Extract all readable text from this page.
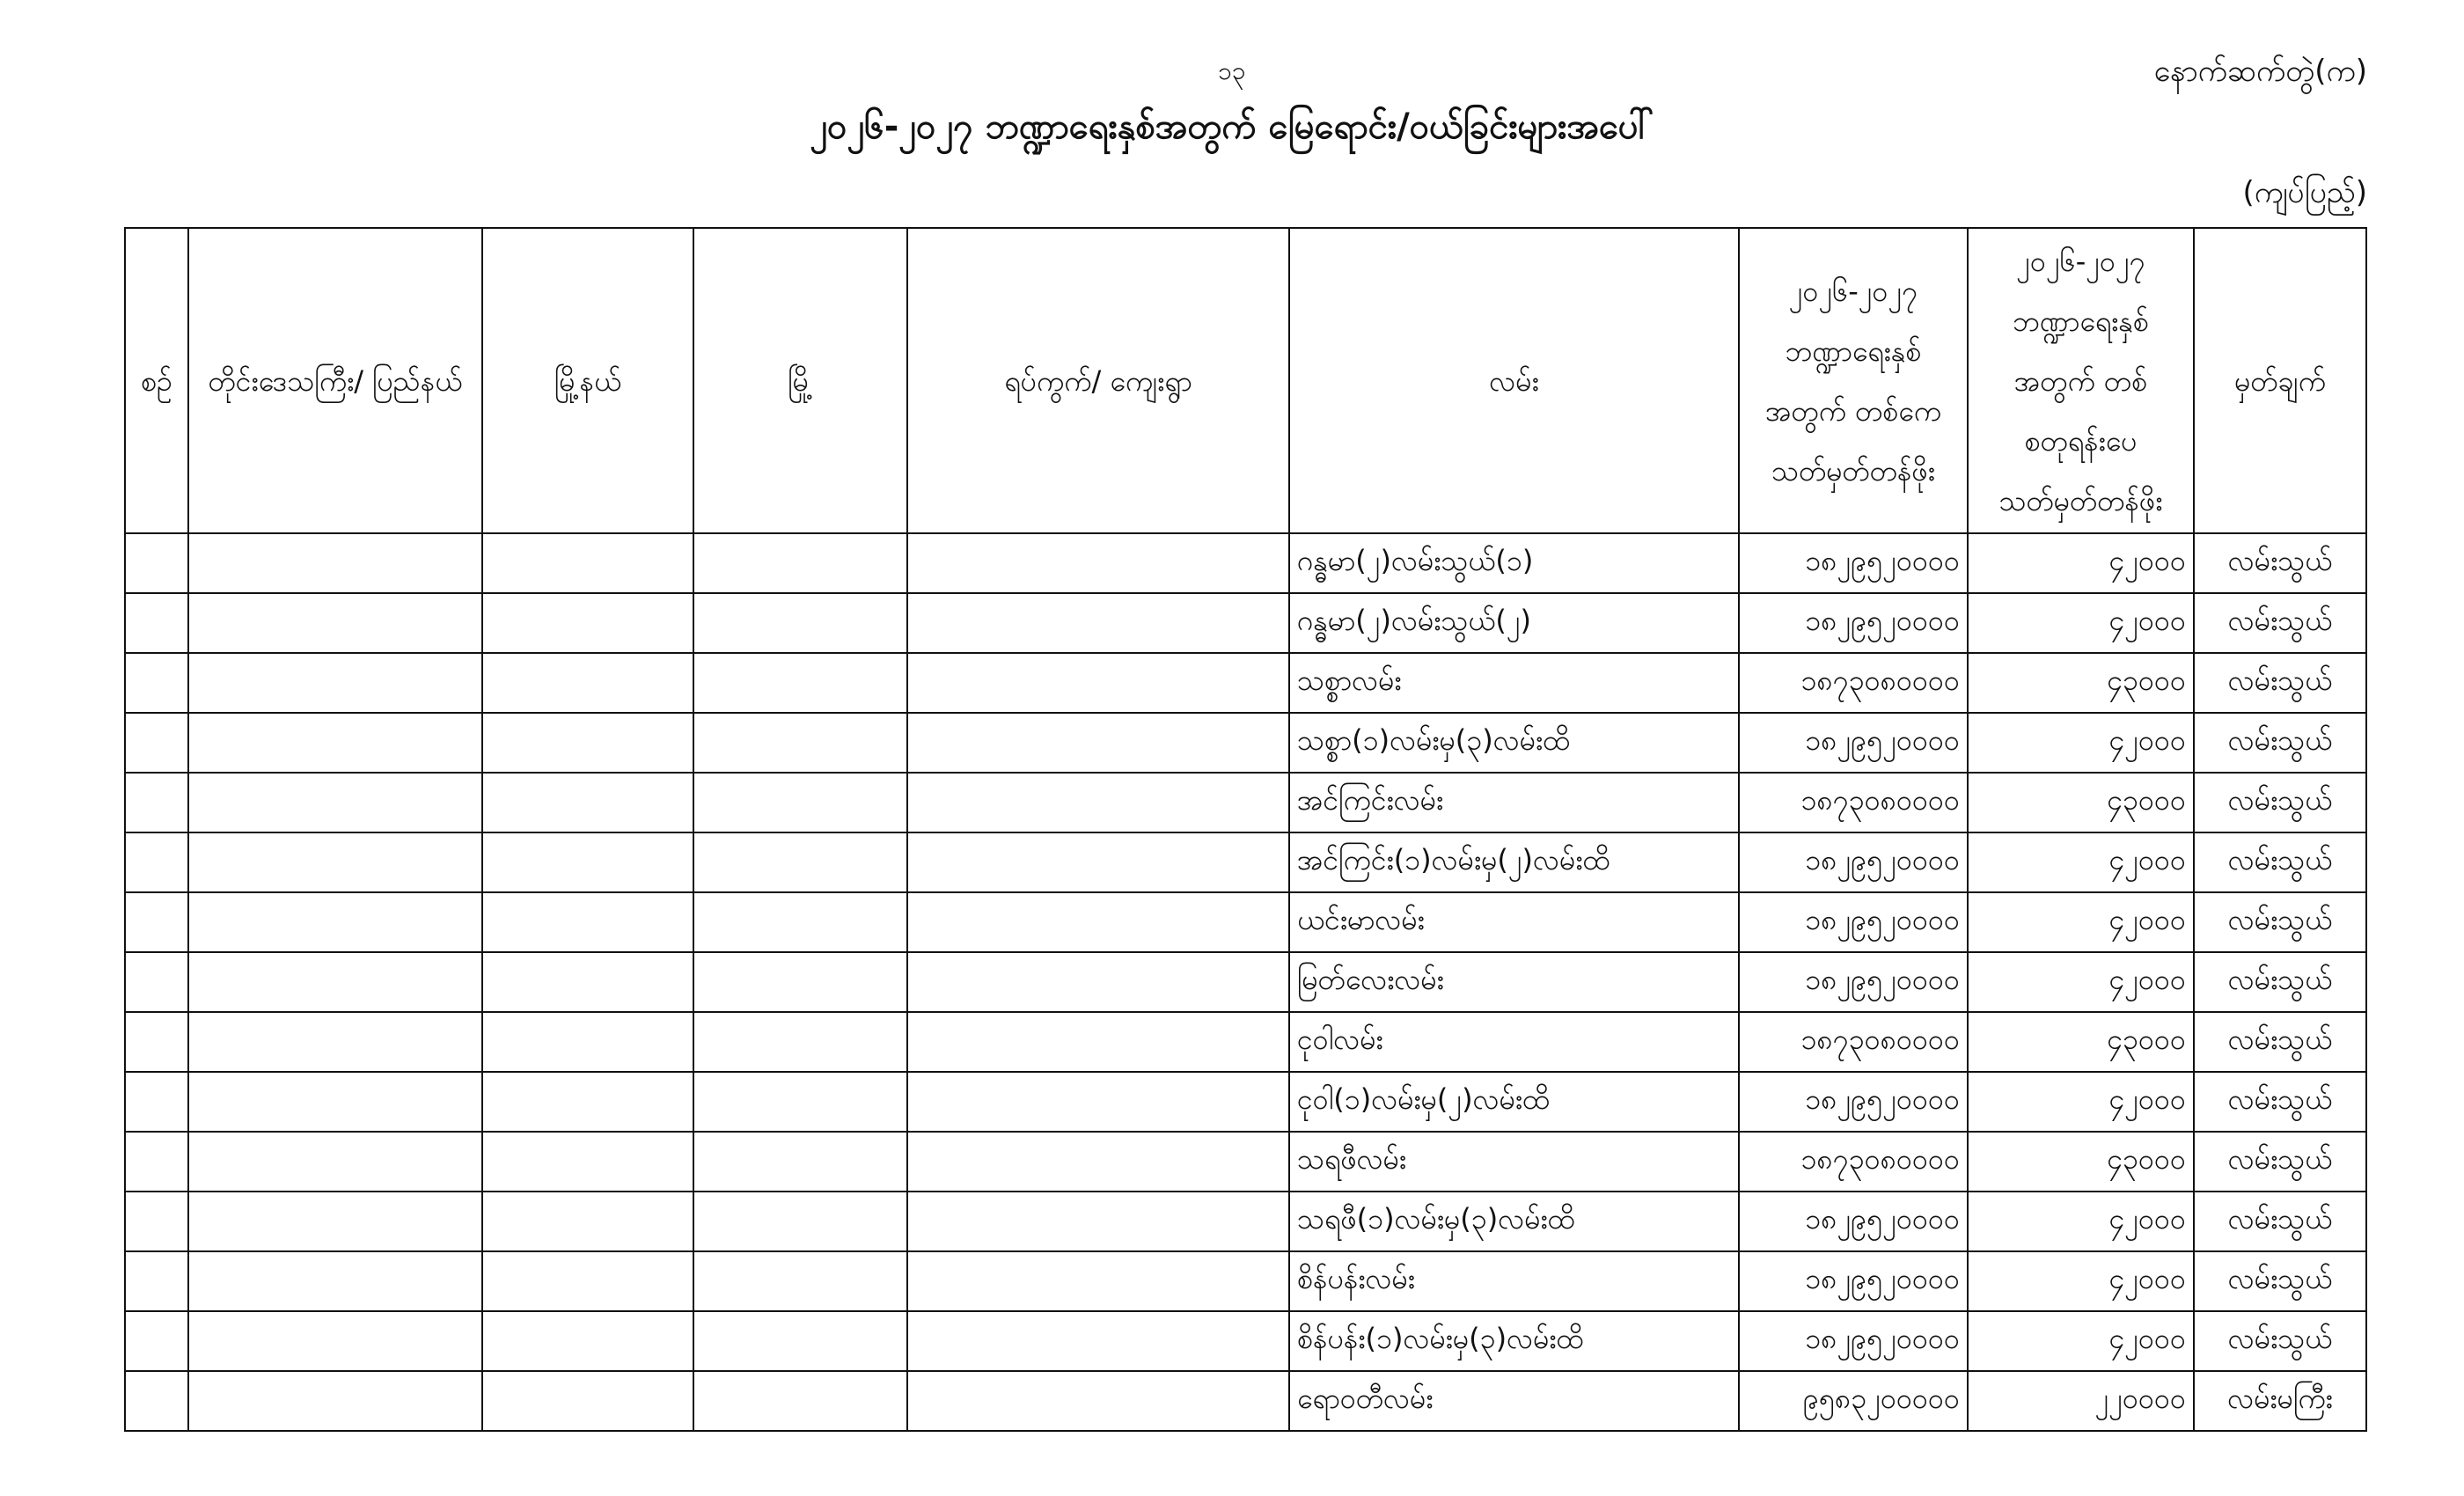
၁၃	နောက်ဆက်တွဲ(က)
၂၀၂၆-၂၀၂၇ ဘဏ္ဍာရေးနှစ်အတွက် မြေရောင်း/ဝယ်ခြင်းများအပေါ်
(ကျပ်ပြည့်)
စဉ်	တိုင်းဒေသကြီး/ ပြည်နယ်	မြို့နယ်	မြို့	ရပ်ကွက်/ ကျေးရွာ	လမ်း	၂၀၂၆-၂၀၂၇ ဘဏ္ဍာရေးနှစ် အတွက် တစ်ကေ သတ်မှတ်တန်ဖိုး	၂၀၂၆-၂၀၂၇ ဘဏ္ဍာရေးနှစ် အတွက် တစ်စတုရန်းပေ သတ်မှတ်တန်ဖိုး	မှတ်ချက်
					ဂန္ဓမာ(၂)လမ်းသွယ်(၁)	၁၈၂၉၅၂၀၀၀၀	၄၂၀၀၀	လမ်းသွယ်
					ဂန္ဓမာ(၂)လမ်းသွယ်(၂)	၁၈၂၉၅၂၀၀၀၀	၄၂၀၀၀	လမ်းသွယ်
					သစ္စာလမ်း	၁၈၇၃၀၈၀၀၀၀	၄၃၀၀၀	လမ်းသွယ်
					သစ္စာ(၁)လမ်းမှ(၃)လမ်းထိ	၁၈၂၉၅၂၀၀၀၀	၄၂၀၀၀	လမ်းသွယ်
					အင်ကြင်းလမ်း	၁၈၇၃၀၈၀၀၀၀	၄၃၀၀၀	လမ်းသွယ်
					အင်ကြင်း(၁)လမ်းမှ(၂)လမ်းထိ	၁၈၂၉၅၂၀၀၀၀	၄၂၀၀၀	လမ်းသွယ်
					ယင်းမာလမ်း	၁၈၂၉၅၂၀၀၀၀	၄၂၀၀၀	လမ်းသွယ်
					မြတ်လေးလမ်း	၁၈၂၉၅၂၀၀၀၀	၄၂၀၀၀	လမ်းသွယ်
					ငုဝါလမ်း	၁၈၇၃၀၈၀၀၀၀	၄၃၀၀၀	လမ်းသွယ်
					ငုဝါ(၁)လမ်းမှ(၂)လမ်းထိ	၁၈၂၉၅၂၀၀၀၀	၄၂၀၀၀	လမ်းသွယ်
					သရဖီလမ်း	၁၈၇၃၀၈၀၀၀၀	၄၃၀၀၀	လမ်းသွယ်
					သရဖီ(၁)လမ်းမှ(၃)လမ်းထိ	၁၈၂၉၅၂၀၀၀၀	၄၂၀၀၀	လမ်းသွယ်
					စိန်ပန်းလမ်း	၁၈၂၉၅၂၀၀၀၀	၄၂၀၀၀	လမ်းသွယ်
					စိန်ပန်း(၁)လမ်းမှ(၃)လမ်းထိ	၁၈၂၉၅၂၀၀၀၀	၄၂၀၀၀	လမ်းသွယ်
					ရောဝတီလမ်း	၉၅၈၃၂၀၀၀၀၀	၂၂၀၀၀၀	လမ်းမကြီး
